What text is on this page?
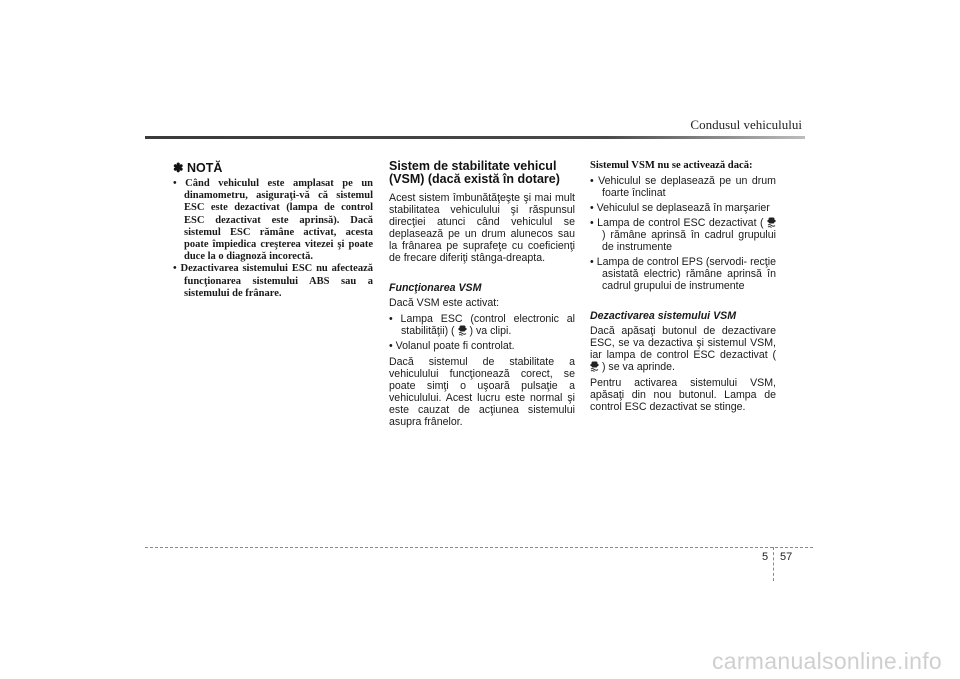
Condusul vehiculului
✽ NOTĂ
• Când vehiculul este amplasat pe un dinamometru, asiguraţi-vă că sistemul ESC este dezactivat (lampa de control ESC dezactivat este aprinsă). Dacă sistemul ESC rămâne activat, acesta poate împiedica creşterea vitezei şi poate duce la o diagnoză incorectă.
• Dezactivarea sistemului ESC nu afectează funcţionarea sistemului ABS sau a sistemului de frânare.
Sistem de stabilitate vehicul (VSM) (dacă există în dotare)

Acest sistem îmbunătăţeşte şi mai mult stabilitatea vehiculului şi răspunsul direcţiei atunci când vehiculul se deplasează pe un drum alunecos sau la frânarea pe suprafeţe cu coeficienţi de frecare diferiţi stânga-dreapta.

Funcţionarea VSM

Dacă VSM este activat:

• Lampa ESC (control electronic al stabilităţii) ( ) va clipi.
• Volanul poate fi controlat.

Dacă sistemul de stabilitate a vehiculului funcţionează corect, se poate simţi o uşoară pulsaţie a vehiculului. Acest lucru este normal şi este cauzat de acţiunea sistemului asupra frânelor.

Sistemul VSM nu se activează dacă:
• Vehiculul se deplasează pe un drum foarte înclinat
• Vehiculul se deplasează în marşarier
• Lampa de control ESC dezactivat (  ) rămâne aprinsă în cadrul grupului de instrumente
• Lampa de control EPS (servodi- recţie asistată electric) rămâne aprinsă în cadrul grupului de instrumente
Dezactivarea sistemului VSM

Dacă apăsaţi butonul de dezactivare ESC, se va dezactiva şi sistemul VSM, iar lampa de control ESC dezactivat (  ) se va aprinde.

Pentru activarea sistemului VSM, apăsaţi din nou butonul. Lampa de control ESC dezactivat se stinge.

5 57
carmanualsonline.info
